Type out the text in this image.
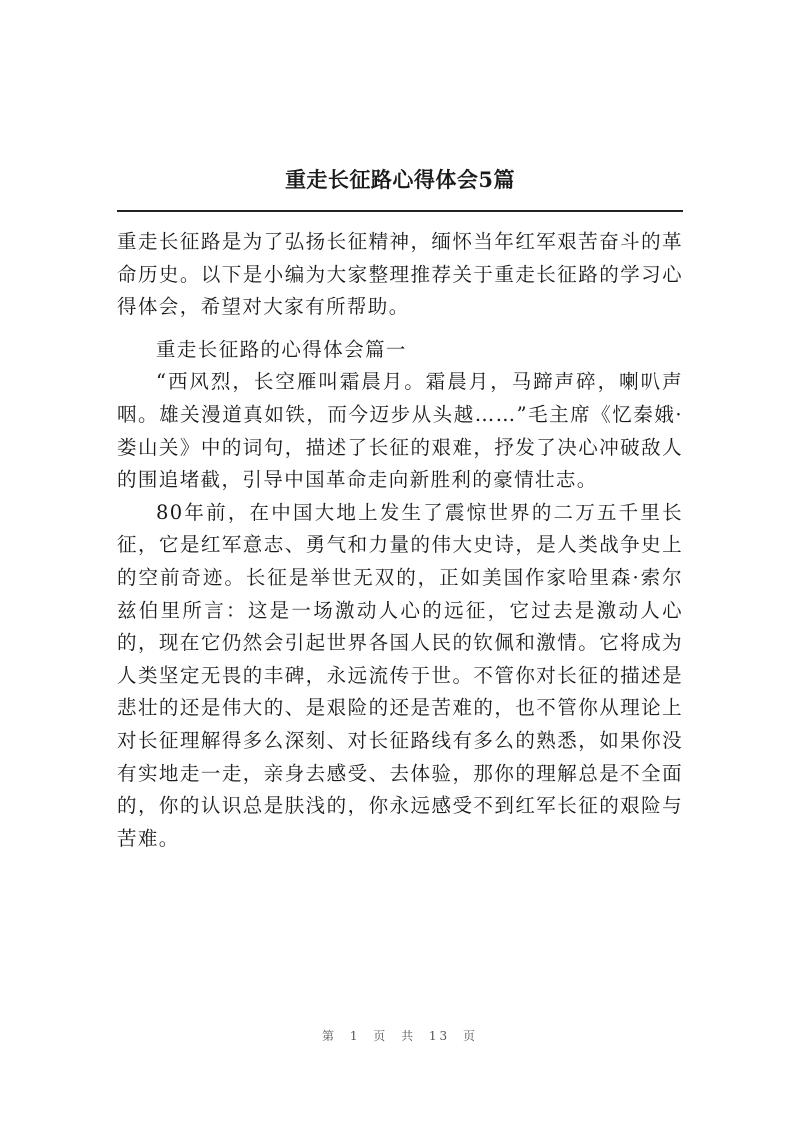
重走长征路心得体会5篇

重走长征路是为了弘扬长征精神，缅怀当年红军艰苦奋斗的革命历史。以下是小编为大家整理推荐关于重走长征路的学习心得体会，希望对大家有所帮助。

重走长征路的心得体会篇一

“西风烈，长空雁叫霜晨月。霜晨月，马蹄声碎，喇叭声咽。雄关漫道真如铁，而今迈步从头越……”毛主席《忆秦娥·娄山关》中的词句，描述了长征的艰难，抒发了决心冲破敌人的围追堵截，引导中国革命走向新胜利的豪情壮志。

80年前，在中国大地上发生了震惊世界的二万五千里长征，它是红军意志、勇气和力量的伟大史诗，是人类战争史上的空前奇迹。长征是举世无双的，正如美国作家哈里森·索尔兹伯里所言：这是一场激动人心的远征，它过去是激动人心的，现在它仍然会引起世界各国人民的钦佩和激情。它将成为人类坚定无畏的丰碑，永远流传于世。不管你对长征的描述是悲壮的还是伟大的、是艰险的还是苦难的，也不管你从理论上对长征理解得多么深刻、对长征路线有多么的熟悉，如果你没有实地走一走，亲身去感受、去体验，那你的理解总是不全面的，你的认识总是肤浅的，你永远感受不到红军长征的艰险与苦难。

第 1 页 共 13 页
